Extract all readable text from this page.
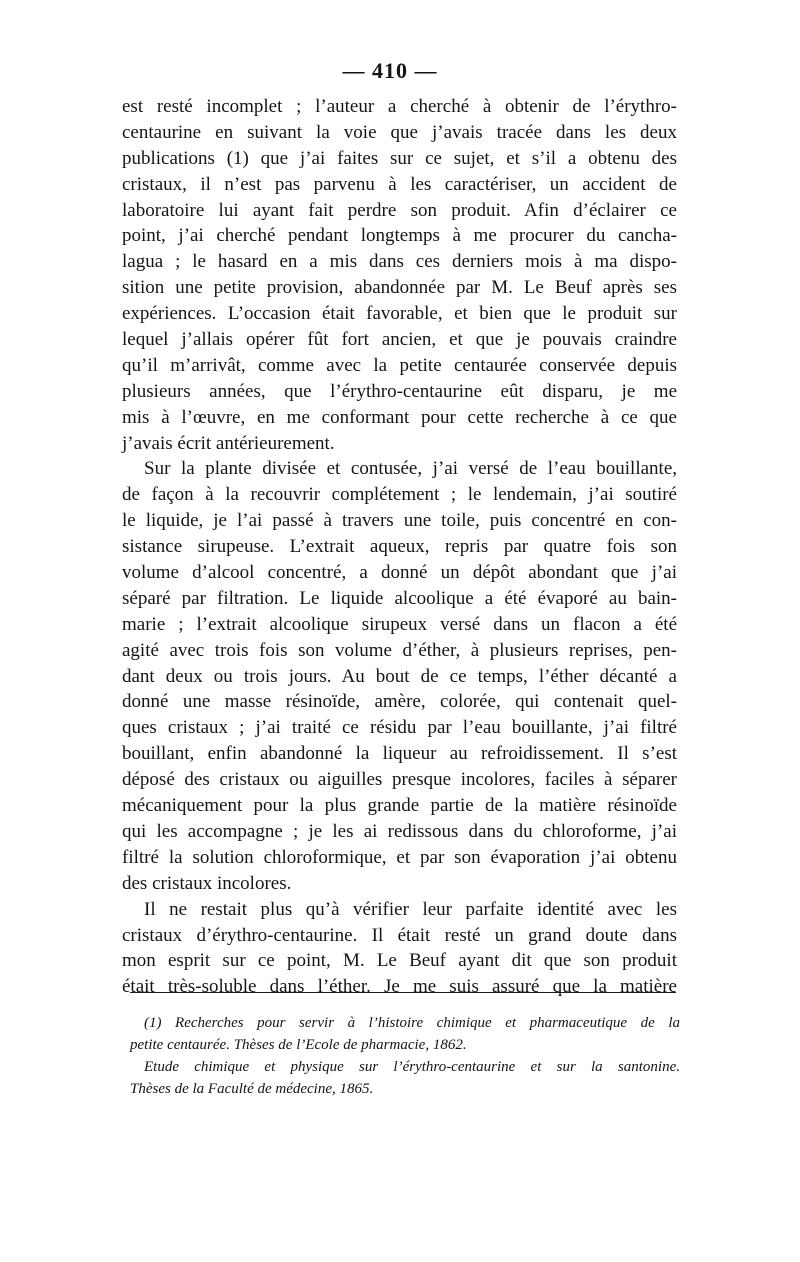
— 410 —
est resté incomplet ; l’auteur a cherché à obtenir de l’érythro-
centaurine en suivant la voie que j’avais tracée dans les deux
publications (1) que j’ai faites sur ce sujet, et s’il a obtenu des
cristaux, il n’est pas parvenu à les caractériser, un accident de
laboratoire lui ayant fait perdre son produit. Afin d’éclairer ce
point, j’ai cherché pendant longtemps à me procurer du cancha-
lagua ; le hasard en a mis dans ces derniers mois à ma dispo-
sition une petite provision, abandonnée par M. Le Beuf après ses
expériences. L’occasion était favorable, et bien que le produit sur
lequel j’allais opérer fût fort ancien, et que je pouvais craindre
qu’il m’arrivât, comme avec la petite centaurée conservée depuis
plusieurs années, que l’érythro-centaurine eût disparu, je me
mis à l’œuvre, en me conformant pour cette recherche à ce que
j’avais écrit antérieurement.
Sur la plante divisée et contusée, j’ai versé de l’eau bouillante,
de façon à la recouvrir complétement ; le lendemain, j’ai soutiré
le liquide, je l’ai passé à travers une toile, puis concentré en con-
sistance sirupeuse. L’extrait aqueux, repris par quatre fois son
volume d’alcool concentré, a donné un dépôt abondant que j’ai
séparé par filtration. Le liquide alcoolique a été évaporé au bain-
marie ; l’extrait alcoolique sirupeux versé dans un flacon a été
agité avec trois fois son volume d’éther, à plusieurs reprises, pen-
dant deux ou trois jours. Au bout de ce temps, l’éther décanté a
donné une masse résinoïde, amère, colorée, qui contenait quel-
ques cristaux ; j’ai traité ce résidu par l’eau bouillante, j’ai filtré
bouillant, enfin abandonné la liqueur au refroidissement. Il s’est
déposé des cristaux ou aiguilles presque incolores, faciles à séparer
mécaniquement pour la plus grande partie de la matière résinoïde
qui les accompagne ; je les ai redissous dans du chloroforme, j’ai
filtré la solution chloroformique, et par son évaporation j’ai obtenu
des cristaux incolores.
Il ne restait plus qu’à vérifier leur parfaite identité avec les
cristaux d’érythro-centaurine. Il était resté un grand doute dans
mon esprit sur ce point, M. Le Beuf ayant dit que son produit
était très-soluble dans l’éther. Je me suis assuré que la matière
(1) Recherches pour servir à l’histoire chimique et pharmaceutique de la
petite centaurée. Thèses de l’Ecole de pharmacie, 1862.
Etude chimique et physique sur l’érythro-centaurine et sur la santonine.
Thèses de la Faculté de médecine, 1865.
